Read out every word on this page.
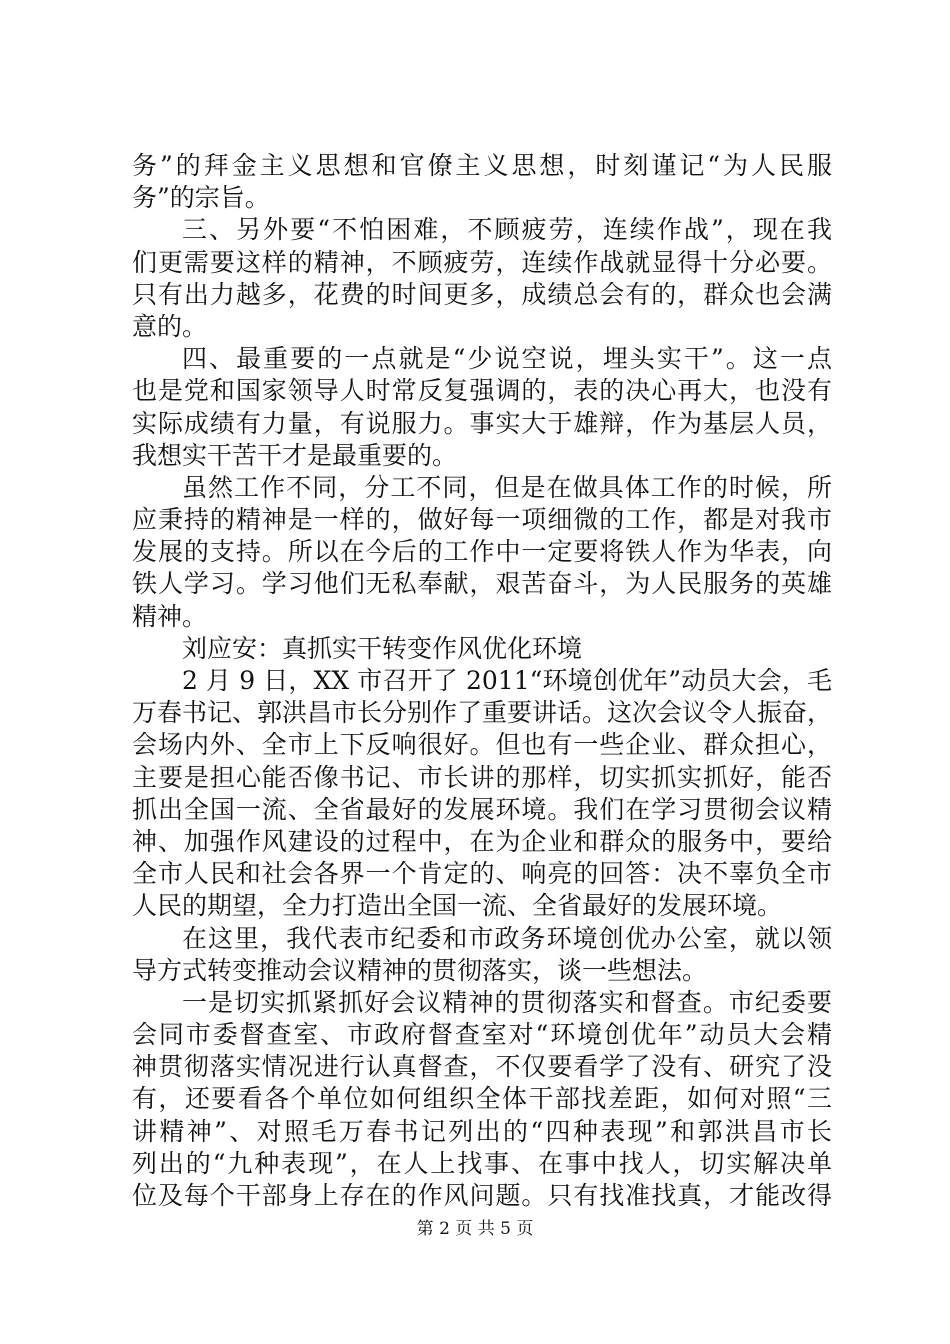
务”的拜金主义思想和官僚主义思想，时刻谨记“为人民服
务”的宗旨。
三、另外要“不怕困难，不顾疲劳，连续作战”，现在我
们更需要这样的精神，不顾疲劳，连续作战就显得十分必要。
只有出力越多，花费的时间更多，成绩总会有的，群众也会满
意的。
四、最重要的一点就是“少说空说，埋头实干”。这一点
也是党和国家领导人时常反复强调的，表的决心再大，也没有
实际成绩有力量，有说服力。事实大于雄辩，作为基层人员，
我想实干苦干才是最重要的。
虽然工作不同，分工不同，但是在做具体工作的时候，所
应秉持的精神是一样的，做好每一项细微的工作，都是对我市
发展的支持。所以在今后的工作中一定要将铁人作为华表，向
铁人学习。学习他们无私奉献，艰苦奋斗，为人民服务的英雄
精神。
刘应安：真抓实干转变作风优化环境
2 月 9 日，XX 市召开了 2011“环境创优年”动员大会，毛
万春书记、郭洪昌市长分别作了重要讲话。这次会议令人振奋，
会场内外、全市上下反响很好。但也有一些企业、群众担心，
主要是担心能否像书记、市长讲的那样，切实抓实抓好，能否
抓出全国一流、全省最好的发展环境。我们在学习贯彻会议精
神、加强作风建设的过程中，在为企业和群众的服务中，要给
全市人民和社会各界一个肯定的、响亮的回答：决不辜负全市
人民的期望，全力打造出全国一流、全省最好的发展环境。
在这里，我代表市纪委和市政务环境创优办公室，就以领
导方式转变推动会议精神的贯彻落实，谈一些想法。
一是切实抓紧抓好会议精神的贯彻落实和督查。市纪委要
会同市委督查室、市政府督查室对“环境创优年”动员大会精
神贯彻落实情况进行认真督查，不仅要看学了没有、研究了没
有，还要看各个单位如何组织全体干部找差距，如何对照“三
讲精神”、对照毛万春书记列出的“四种表现”和郭洪昌市长
列出的“九种表现”，在人上找事、在事中找人，切实解决单
位及每个干部身上存在的作风问题。只有找准找真，才能改得
第 2 页 共 5 页
